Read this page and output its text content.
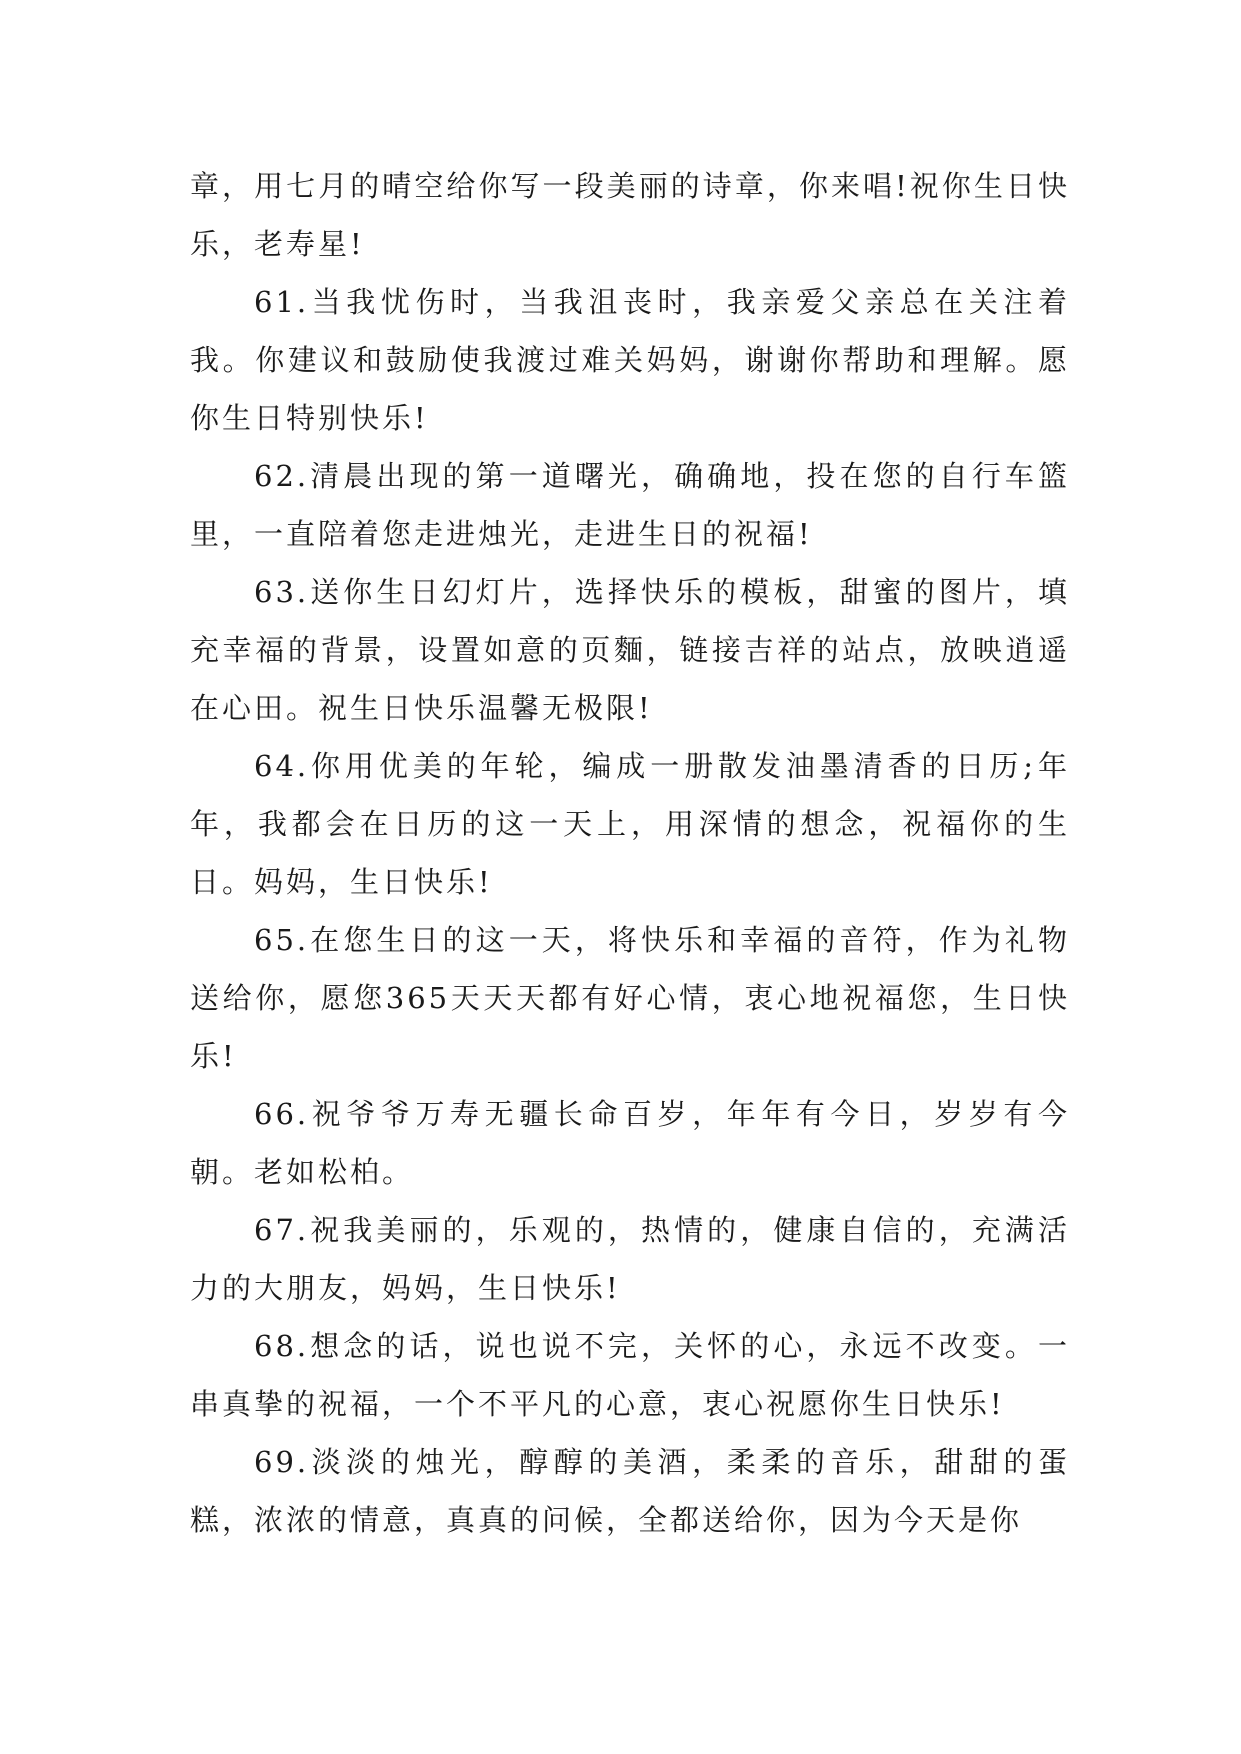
章，用七月的晴空给你写一段美丽的诗章，你来唱!祝你生日快乐，老寿星!

61.当我忧伤时，当我沮丧时，我亲爱父亲总在关注着我。你建议和鼓励使我渡过难关妈妈，谢谢你帮助和理解。愿你生日特别快乐!

62.清晨出现的第一道曙光，确确地，投在您的自行车篮里，一直陪着您走进烛光，走进生日的祝福!

63.送你生日幻灯片，选择快乐的模板，甜蜜的图片，填充幸福的背景，设置如意的页麵，链接吉祥的站点，放映逍遥在心田。祝生日快乐温馨无极限!

64.你用优美的年轮，编成一册散发油墨清香的日历;年年，我都会在日历的这一天上，用深情的想念，祝福你的生日。妈妈，生日快乐!

65.在您生日的这一天，将快乐和幸福的音符，作为礼物送给你，愿您365天天天都有好心情，衷心地祝福您，生日快乐!

66.祝爷爷万寿无疆长命百岁，年年有今日，岁岁有今朝。老如松柏。

67.祝我美丽的，乐观的，热情的，健康自信的，充满活力的大朋友，妈妈，生日快乐!

68.想念的话，说也说不完，关怀的心，永远不改变。一串真挚的祝福，一个不平凡的心意，衷心祝愿你生日快乐!

69.淡淡的烛光，醇醇的美酒，柔柔的音乐，甜甜的蛋糕，浓浓的情意，真真的问候，全都送给你，因为今天是你
